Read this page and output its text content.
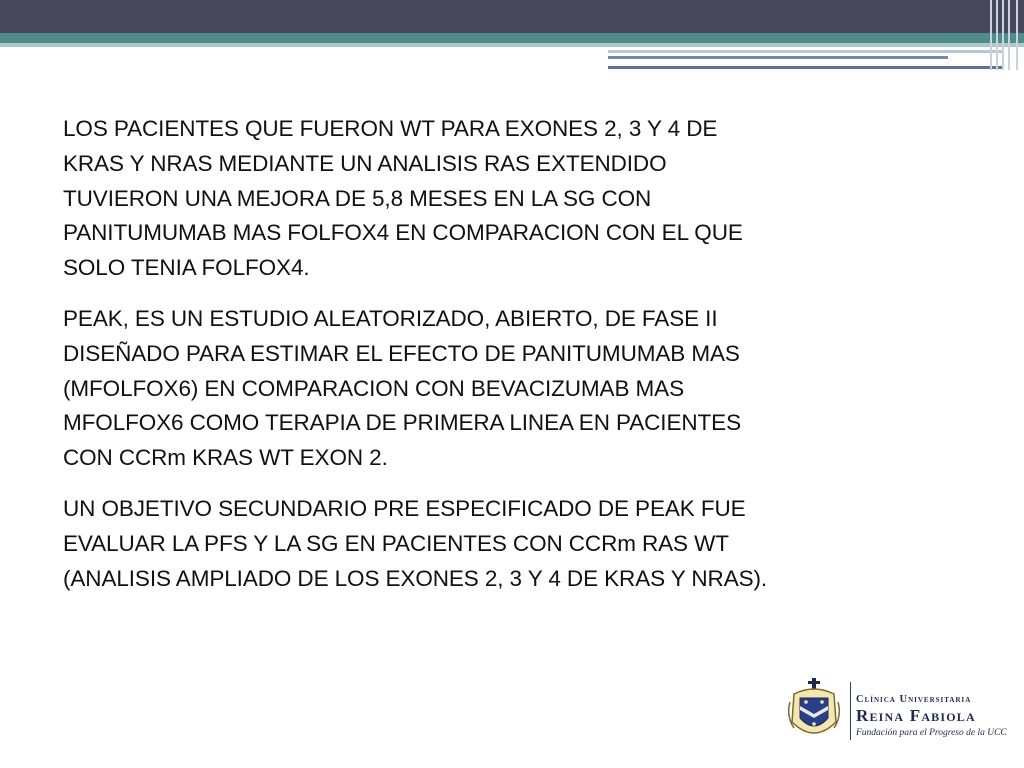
LOS PACIENTES QUE FUERON WT PARA EXONES 2, 3 Y 4 DE
KRAS Y NRAS MEDIANTE UN ANALISIS RAS EXTENDIDO
TUVIERON UNA MEJORA DE 5,8 MESES EN LA SG CON
PANITUMUMAB MAS FOLFOX4 EN COMPARACION CON EL QUE
SOLO TENIA FOLFOX4.

PEAK, ES UN ESTUDIO ALEATORIZADO, ABIERTO, DE FASE II
DISEÑADO PARA ESTIMAR EL EFECTO DE PANITUMUMAB MAS
(MFOLFOX6) EN COMPARACION CON BEVACIZUMAB MAS
MFOLFOX6 COMO TERAPIA DE PRIMERA LINEA EN PACIENTES
CON CCRm KRAS WT EXON 2.

UN OBJETIVO SECUNDARIO PRE ESPECIFICADO DE PEAK FUE
EVALUAR LA PFS Y LA SG EN PACIENTES CON CCRm RAS WT
(ANALISIS AMPLIADO DE LOS EXONES 2, 3 Y 4 DE KRAS Y NRAS).

Clínica Universitaria
Reina Fabiola
Fundación para el Progreso de la UCC
